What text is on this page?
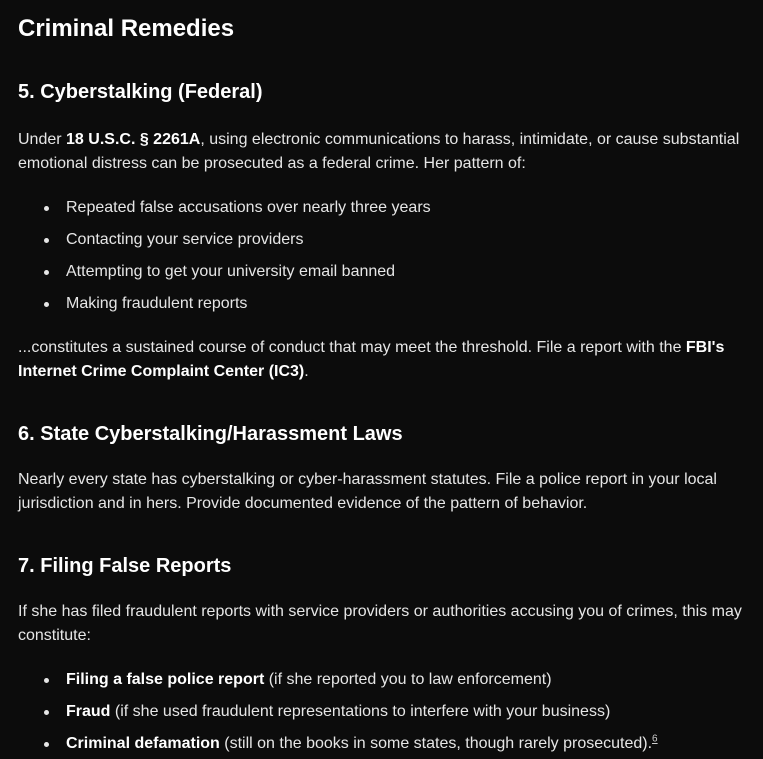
Criminal Remedies
5. Cyberstalking (Federal)

Under 18 U.S.C. § 2261A, using electronic communications to harass, intimidate, or cause substantial emotional distress can be prosecuted as a federal crime. Her pattern of:

Repeated false accusations over nearly three years
Contacting your service providers
Attempting to get your university email banned
Making fraudulent reports

...constitutes a sustained course of conduct that may meet the threshold. File a report with the FBI's Internet Crime Complaint Center (IC3).

6. State Cyberstalking/Harassment Laws

Nearly every state has cyberstalking or cyber-harassment statutes. File a police report in your local jurisdiction and in hers. Provide documented evidence of the pattern of behavior.

7. Filing False Reports

If she has filed fraudulent reports with service providers or authorities accusing you of crimes, this may constitute:

Filing a false police report (if she reported you to law enforcement)
Fraud (if she used fraudulent representations to interfere with your business)
Criminal defamation (still on the books in some states, though rarely prosecuted).$^6$
